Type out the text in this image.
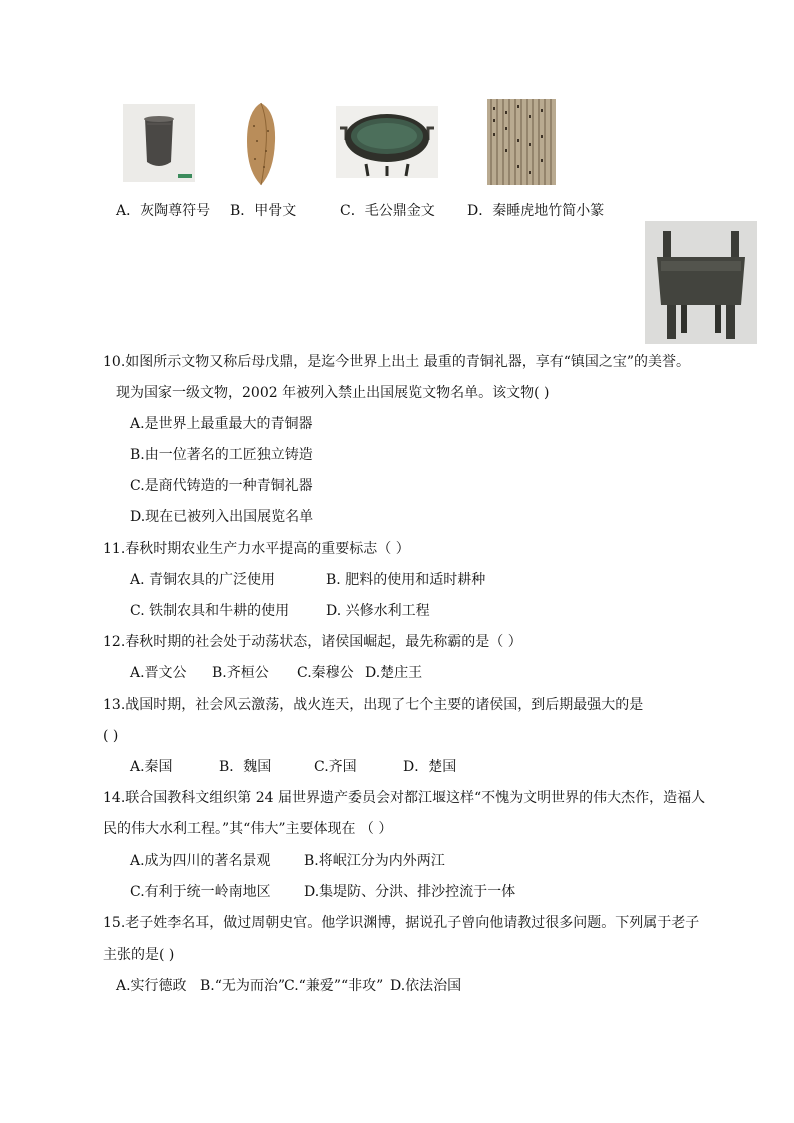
A．灰陶尊符号 B．甲骨文	C．毛公鼎金文 D．秦睡虎地竹简小篆
10.如图所示文物又称后母戊鼎，是迄今世界上出土 最重的青铜礼器，享有“镇国之宝”的美誉。
现为国家一级文物，2002 年被列入禁止出国展览文物名单。该文物( )
A.是世界上最重最大的青铜器
B.由一位著名的工匠独立铸造
C.是商代铸造的一种青铜礼器
D.现在已被列入出国展览名单
11.春秋时期农业生产力水平提高的重要标志（ ）
A. 青铜农具的广泛使用	B. 肥料的使用和适时耕种
C. 铁制农具和牛耕的使用	D. 兴修水利工程
12.春秋时期的社会处于动荡状态，诸侯国崛起，最先称霸的是（ ）
A.晋文公 B.齐桓公 C.秦穆公 D.楚庄王
13.战国时期，社会风云激荡，战火连天，出现了七个主要的诸侯国，到后期最强大的是
( )
A.秦国	B．魏国	C.齐国	D．楚国
14.联合国教科文组织第 24 届世界遗产委员会对都江堰这样“不愧为文明世界的伟大杰作，造福人
民的伟大水利工程。”其“伟大”主要体现在 （ ）
A.成为四川的著名景观 B.将岷江分为内外两江
C.有利于统一岭南地区 D.集堤防、分洪、排沙控流于一体
15.老子姓李名耳，做过周朝史官。他学识渊博，据说孔子曾向他请教过很多问题。下列属于老子
主张的是( )
A.实行德政 B.“无为而治”
C.“兼爱”“非攻” D.依法治国
